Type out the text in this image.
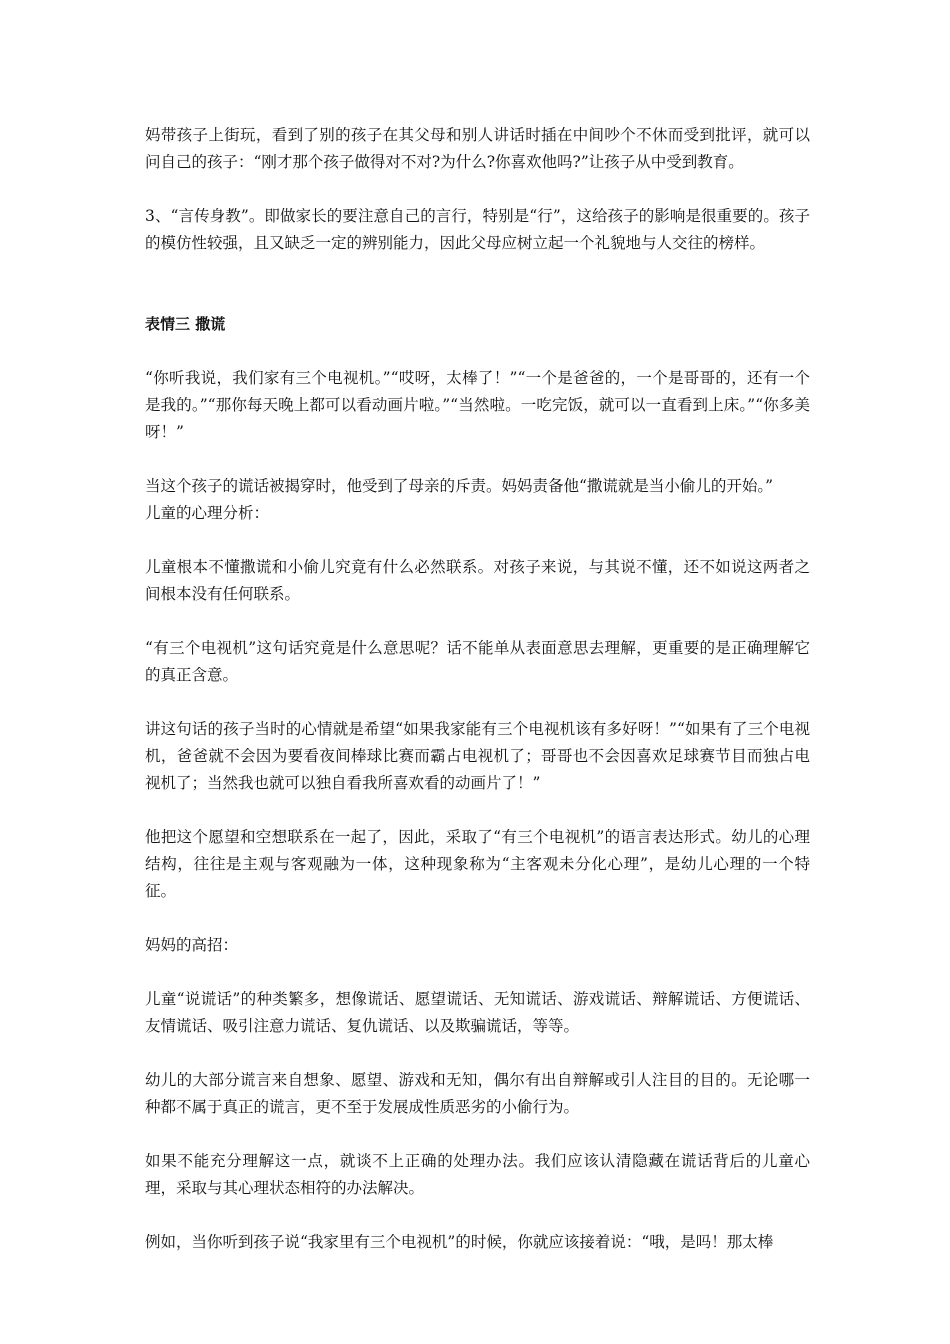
妈带孩子上街玩，看到了别的孩子在其父母和别人讲话时插在中间吵个不休而受到批评，就可以问自己的孩子：“刚才那个孩子做得对不对?为什么?你喜欢他吗?”让孩子从中受到教育。

3、“言传身教”。即做家长的要注意自己的言行，特别是“行”，这给孩子的影响是很重要的。孩子的模仿性较强，且又缺乏一定的辨别能力，因此父母应树立起一个礼貌地与人交往的榜样。

表情三 撒谎

“你听我说，我们家有三个电视机。”“哎呀，太棒了！”“一个是爸爸的，一个是哥哥的，还有一个是我的。”“那你每天晚上都可以看动画片啦。”“当然啦。一吃完饭，就可以一直看到上床。”“你多美呀！”

当这个孩子的谎话被揭穿时，他受到了母亲的斥责。妈妈责备他“撒谎就是当小偷儿的开始。”

儿童的心理分析：

儿童根本不懂撒谎和小偷儿究竟有什么必然联系。对孩子来说，与其说不懂，还不如说这两者之间根本没有任何联系。

“有三个电视机”这句话究竟是什么意思呢？话不能单从表面意思去理解，更重要的是正确理解它的真正含意。

讲这句话的孩子当时的心情就是希望“如果我家能有三个电视机该有多好呀！”“如果有了三个电视机，爸爸就不会因为要看夜间棒球比赛而霸占电视机了；哥哥也不会因喜欢足球赛节目而独占电视机了；当然我也就可以独自看我所喜欢看的动画片了！”

他把这个愿望和空想联系在一起了，因此，采取了“有三个电视机”的语言表达形式。幼儿的心理结构，往往是主观与客观融为一体，这种现象称为“主客观未分化心理”，是幼儿心理的一个特征。

妈妈的高招：

儿童“说谎话”的种类繁多，想像谎话、愿望谎话、无知谎话、游戏谎话、辩解谎话、方便谎话、友情谎话、吸引注意力谎话、复仇谎话、以及欺骗谎话，等等。

幼儿的大部分谎言来自想象、愿望、游戏和无知，偶尔有出自辩解或引人注目的目的。无论哪一种都不属于真正的谎言，更不至于发展成性质恶劣的小偷行为。

如果不能充分理解这一点，就谈不上正确的处理办法。我们应该认清隐藏在谎话背后的儿童心理，采取与其心理状态相符的办法解决。

例如，当你听到孩子说“我家里有三个电视机”的时候，你就应该接着说：“哦，是吗！那太棒
